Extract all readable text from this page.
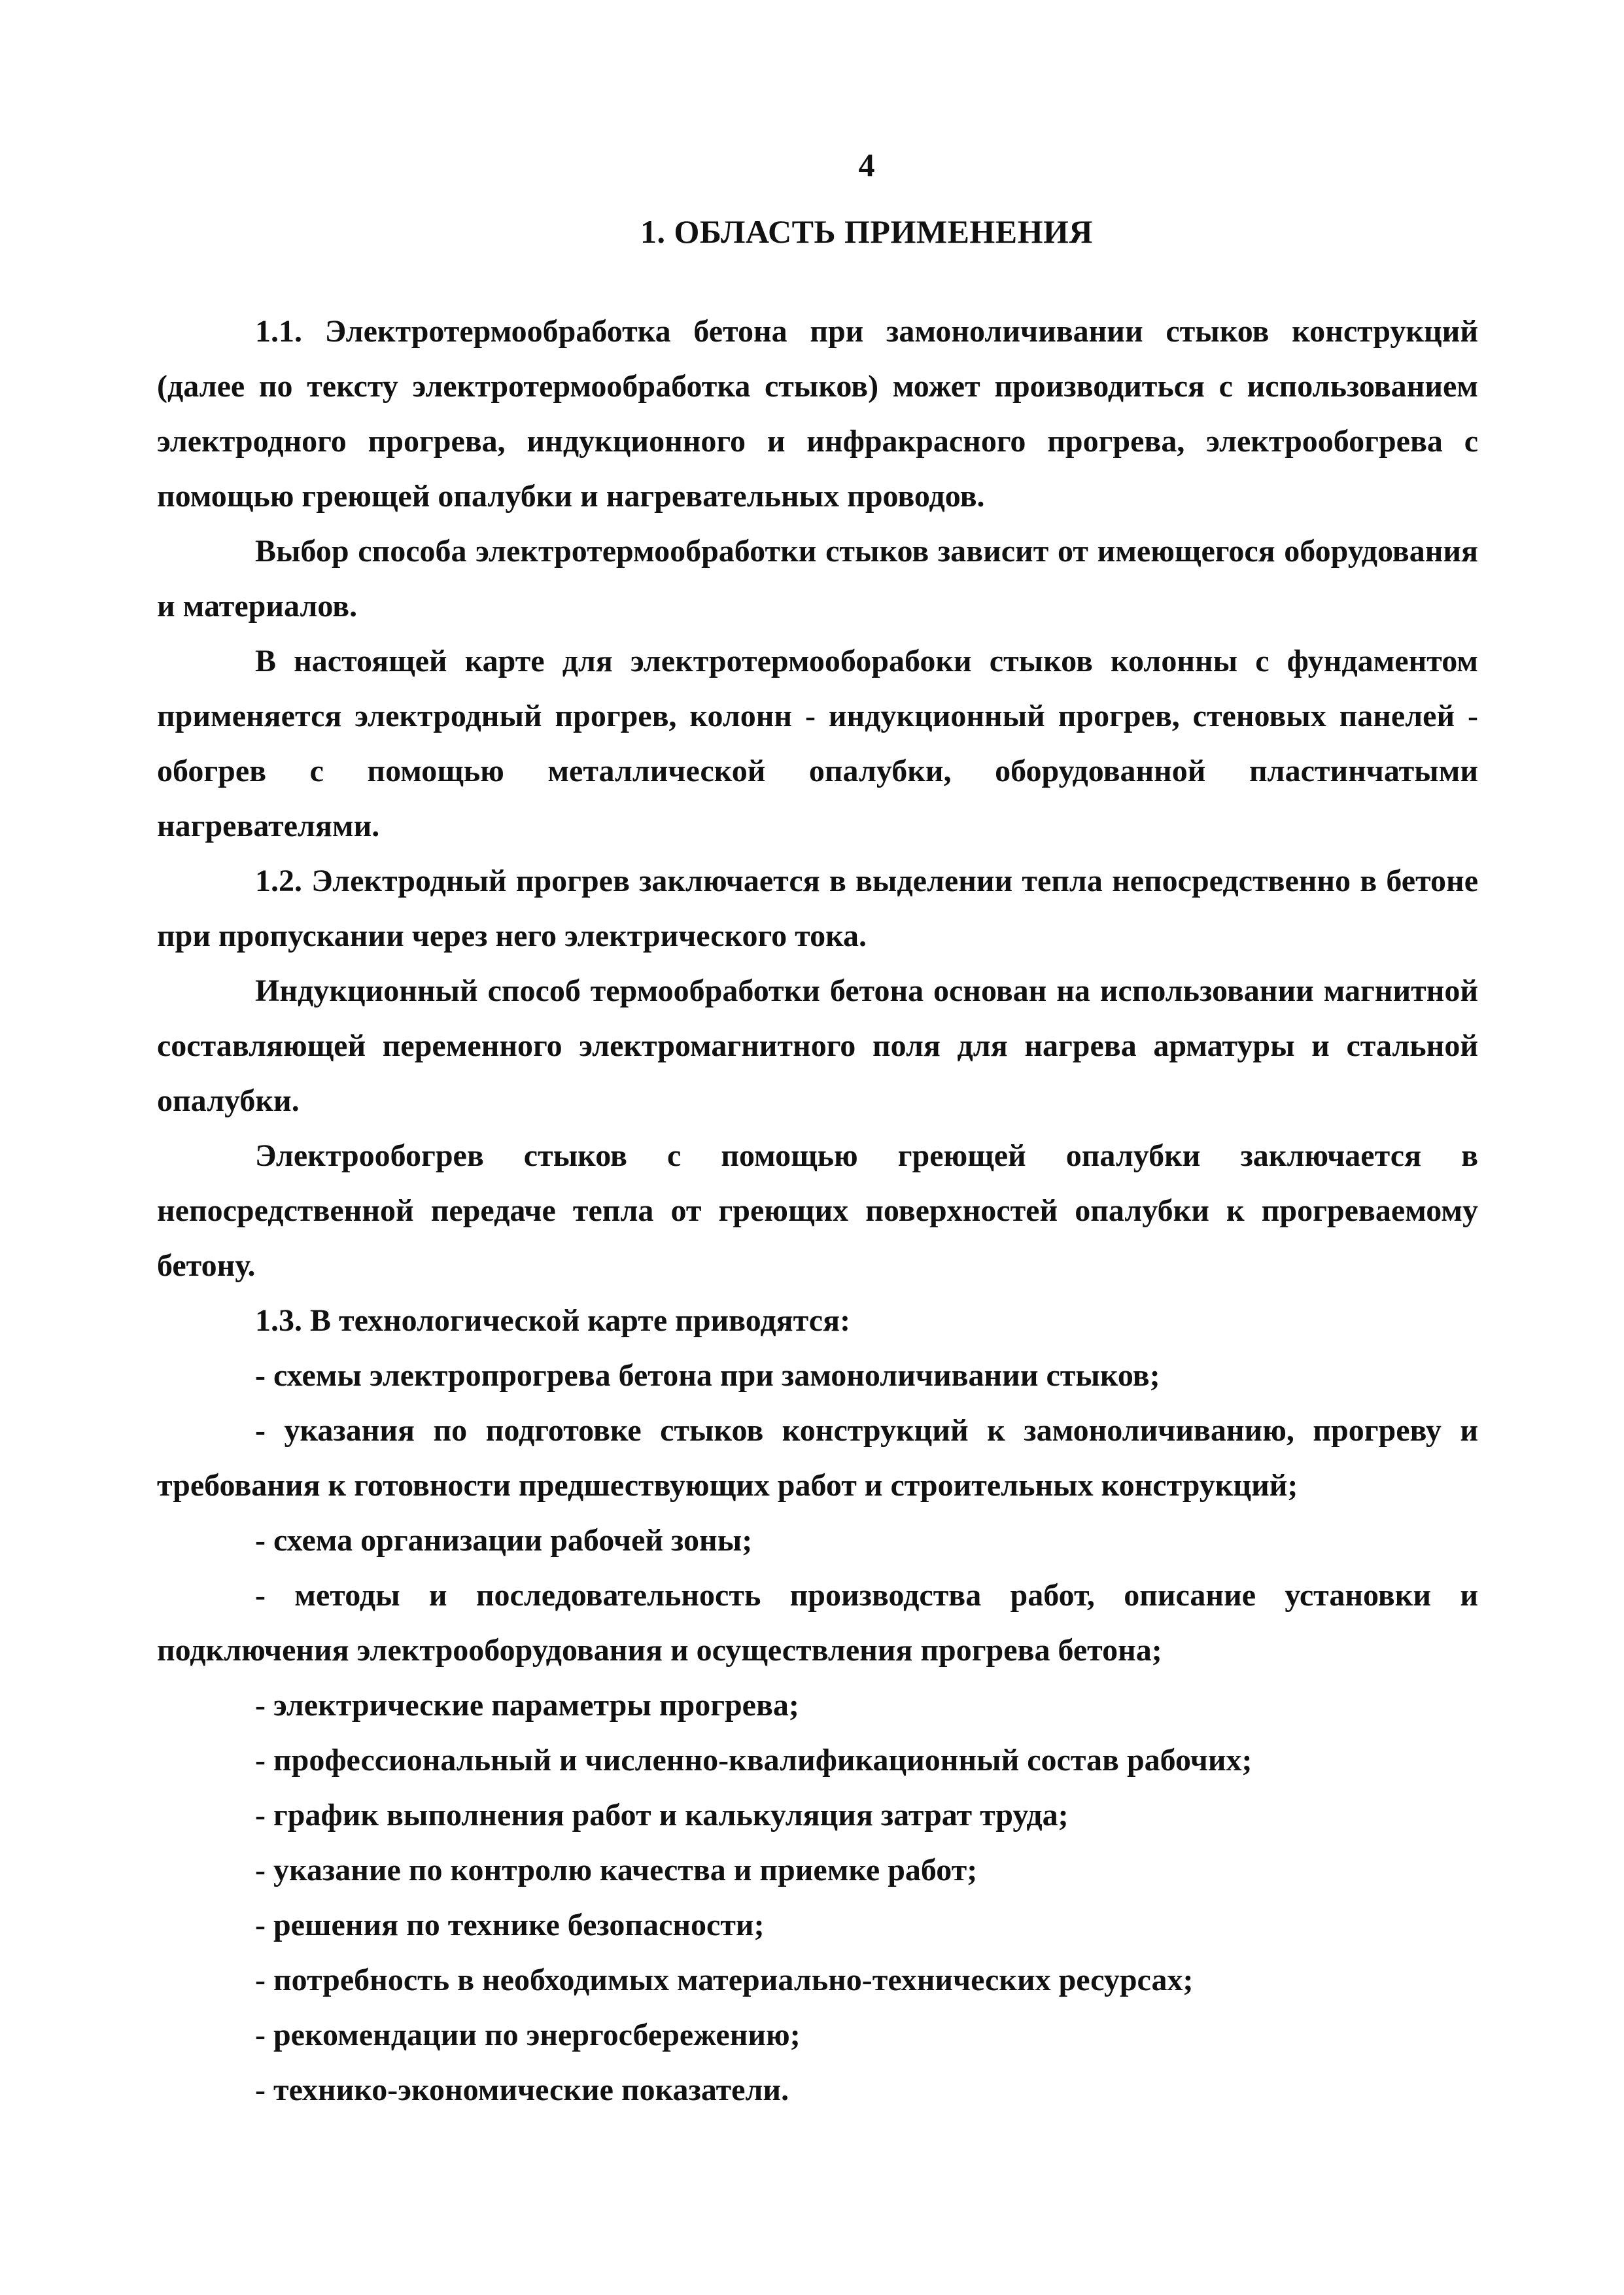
4
1. ОБЛАСТЬ ПРИМЕНЕНИЯ

1.1. Электротермообработка бетона при замоноличивании стыков конструкций (далее по тексту электротермообработка стыков) может производиться с использованием электродного прогрева, индукционного и инфракрасного прогрева, электрообогрева с помощью греющей опалубки и нагревательных проводов.

Выбор способа электротермообработки стыков зависит от имеющегося оборудования и материалов.

В настоящей карте для электротермооборабоки стыков колонны с фундаментом применяется электродный прогрев, колонн - индукционный прогрев, стеновых панелей - обогрев с помощью металлической опалубки, оборудованной пластинчатыми нагревателями.

1.2. Электродный прогрев заключается в выделении тепла непосредственно в бетоне при пропускании через него электрического тока.

Индукционный способ термообработки бетона основан на использовании магнитной составляющей переменного электромагнитного поля для нагрева арматуры и стальной опалубки.

Электрообогрев стыков с помощью греющей опалубки заключается в непосредственной передаче тепла от греющих поверхностей опалубки к прогреваемому бетону.

1.3. В технологической карте приводятся:

- схемы электропрогрева бетона при замоноличивании стыков;

- указания по подготовке стыков конструкций к замоноличиванию, прогреву и требования к готовности предшествующих работ и строительных конструкций;

- схема организации рабочей зоны;

- методы и последовательность производства работ, описание установки и подключения электрооборудования и осуществления прогрева бетона;

- электрические параметры прогрева;

- профессиональный и численно-квалификационный состав рабочих;

- график выполнения работ и калькуляция затрат труда;

- указание по контролю качества и приемке работ;

- решения по технике безопасности;

- потребность в необходимых материально-технических ресурсах;

- рекомендации по энергосбережению;

- технико-экономические показатели.
